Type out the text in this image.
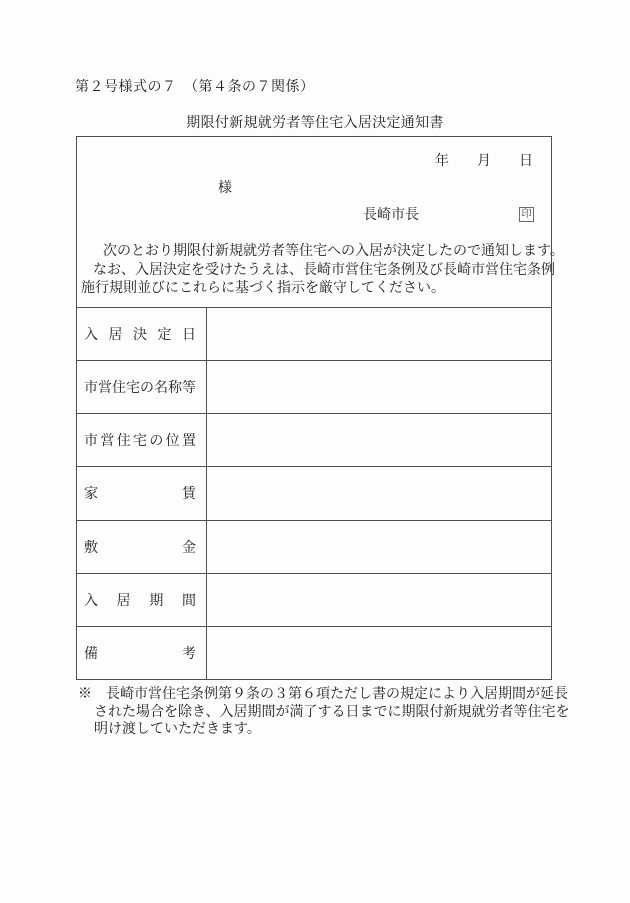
第２号様式の７　（第４条の７関係）
期限付新規就労者等住宅入居決定通知書
年　　月　　日
様
長崎市長	印
次のとおり期限付新規就労者等住宅への入居が決定したので通知します。
なお、入居決定を受けたうえは、長崎市営住宅条例及び長崎市営住宅条例
施行規則並びにこれらに基づく指示を厳守してください。
入 居 決 定 日
市 営 住 宅 の 名 称 等
市 営 住 宅 の 位 置
家	賃
敷	金
入 居 期 間
備	考
※　長崎市営住宅条例第９条の３第６項ただし書の規定により入居期間が延長
された場合を除き、入居期間が満了する日までに期限付新規就労者等住宅を
明け渡していただきます。
